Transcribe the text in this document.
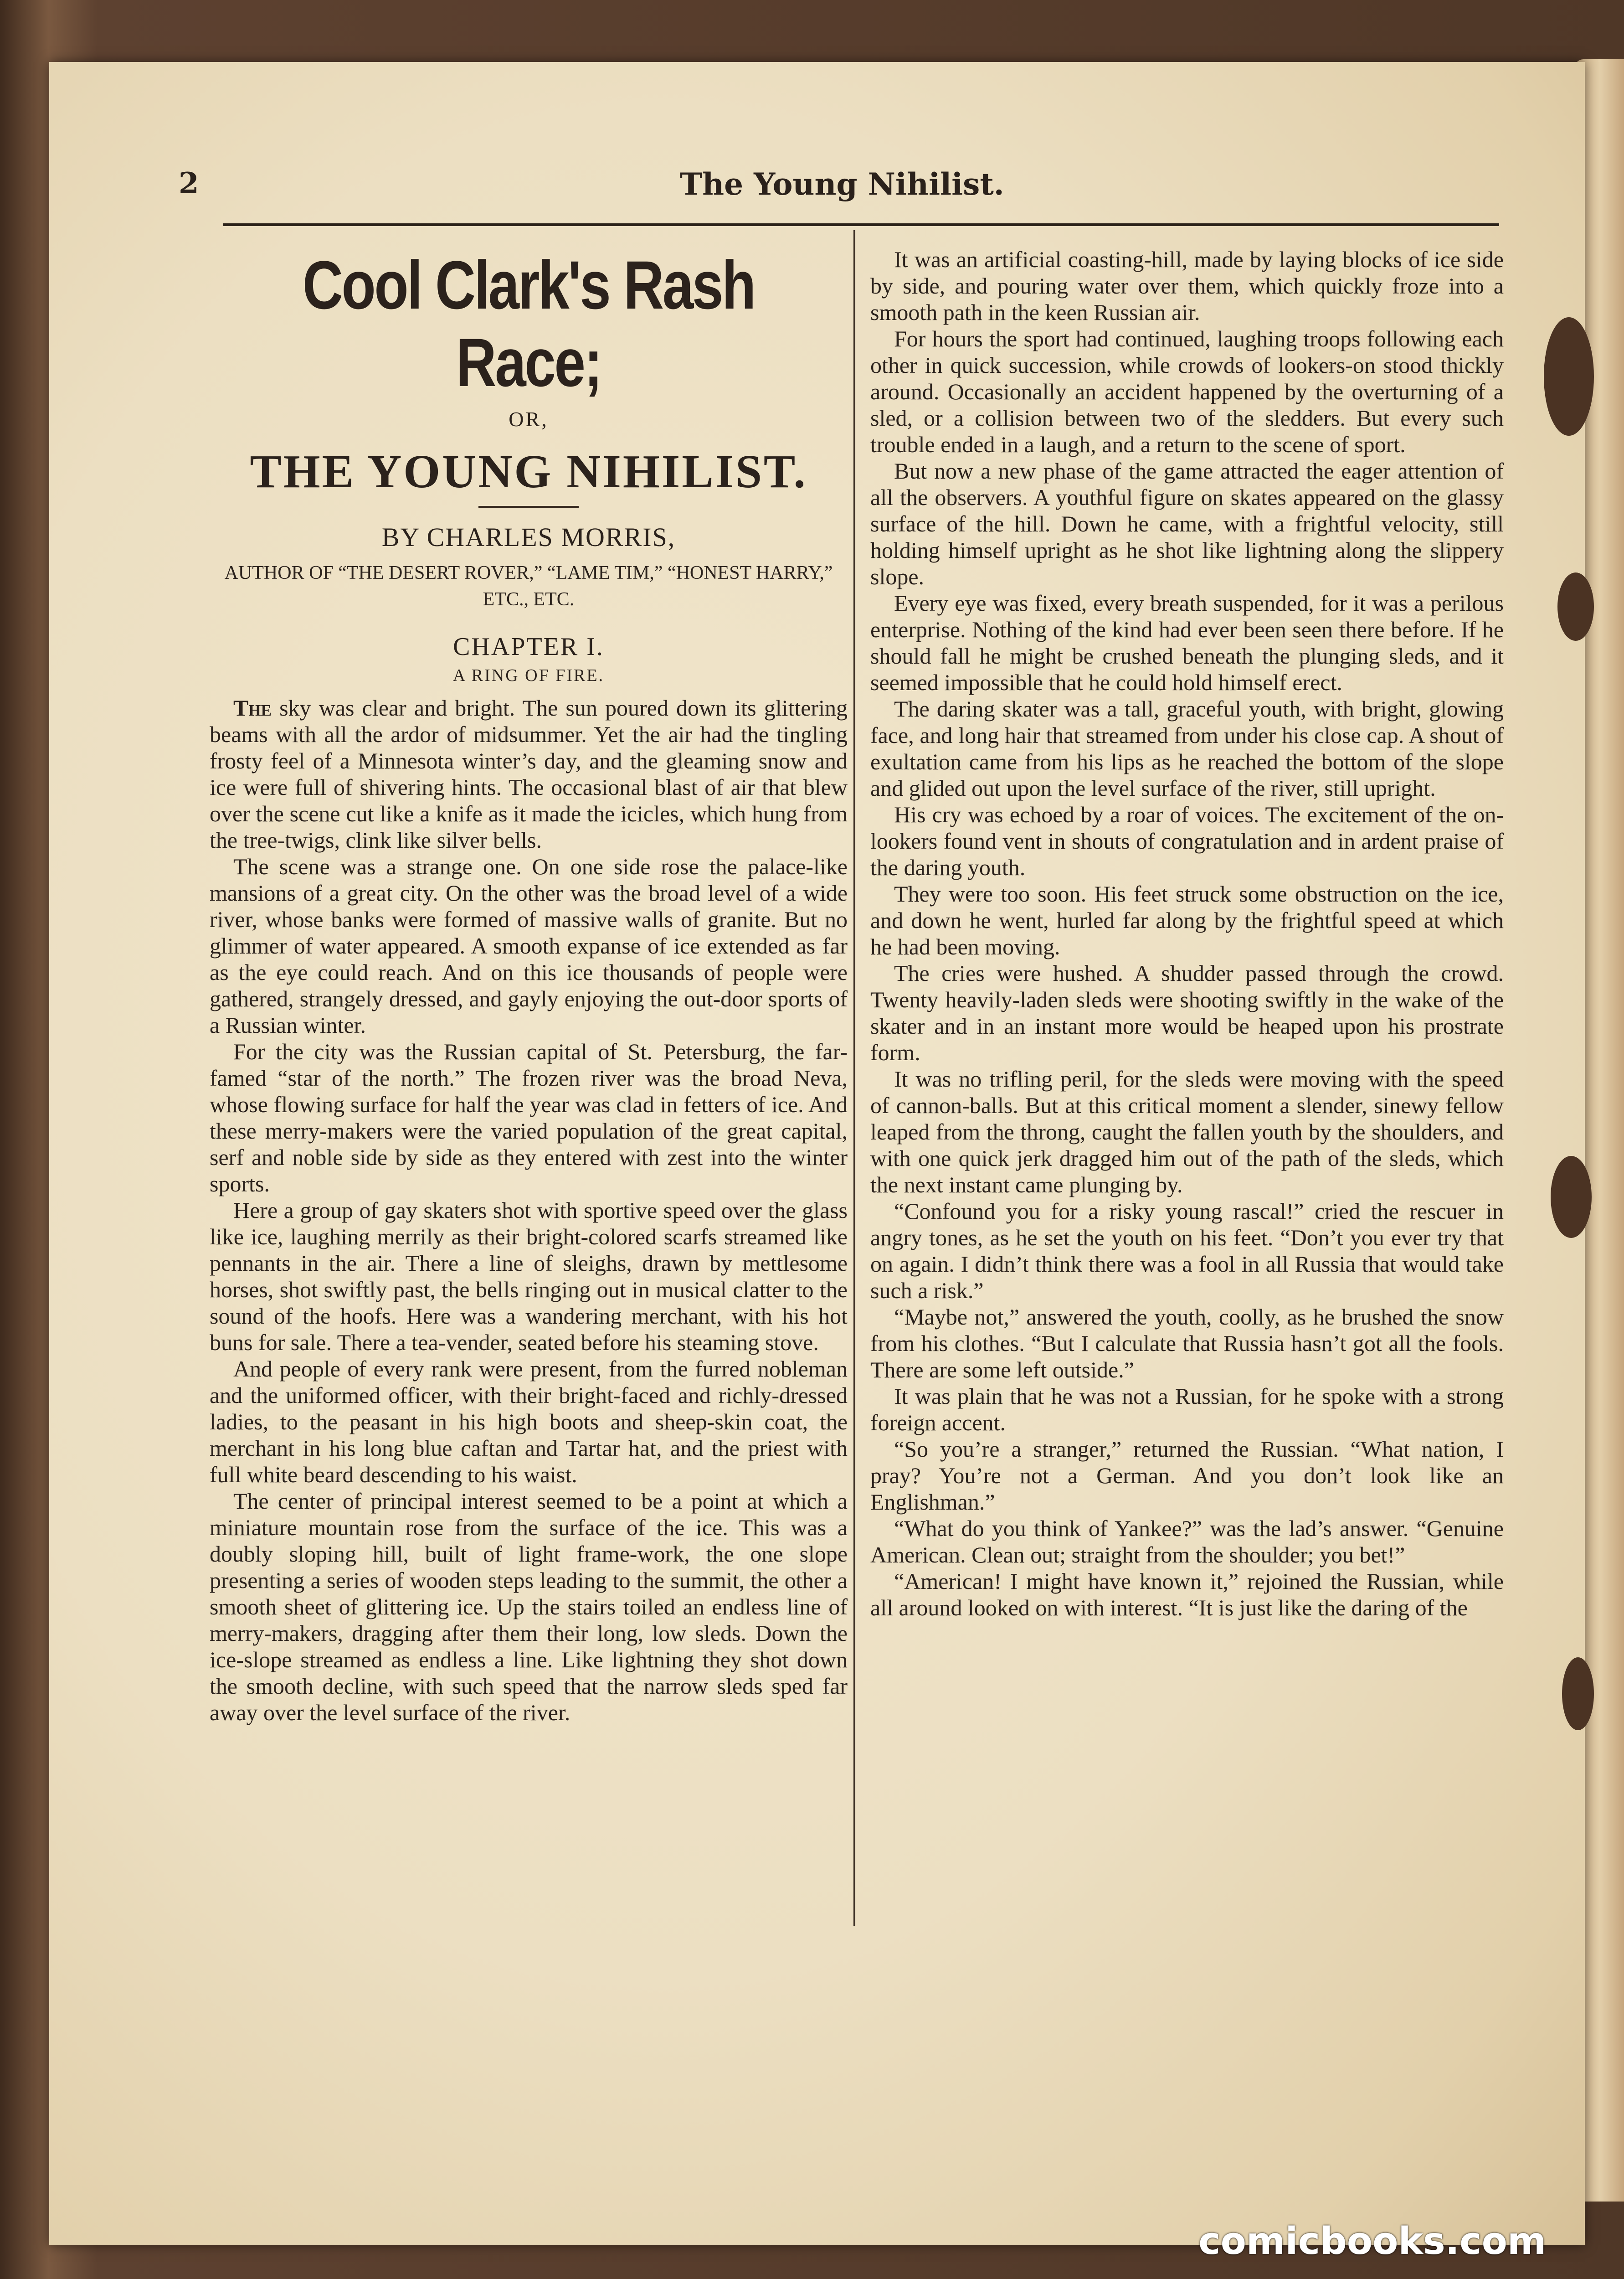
2	The Young Nihilist.
Cool Clark's Rash Race;
OR,
THE YOUNG NIHILIST.
BY CHARLES MORRIS,
AUTHOR OF “THE DESERT ROVER,” “LAME TIM,” “HONEST HARRY,” ETC., ETC.
CHAPTER I.
A RING OF FIRE.

The sky was clear and bright. The sun poured down its glittering beams with all the ardor of midsummer. Yet the air had the tingling frosty feel of a Minnesota winter’s day, and the gleaming snow and ice were full of shivering hints. The occasional blast of air that blew over the scene cut like a knife as it made the icicles, which hung from the tree-twigs, clink like silver bells.

The scene was a strange one. On one side rose the palace-like mansions of a great city. On the other was the broad level of a wide river, whose banks were formed of massive walls of granite. But no glimmer of water appeared. A smooth expanse of ice extended as far as the eye could reach. And on this ice thousands of people were gathered, strangely dressed, and gayly enjoying the out-door sports of a Russian winter.

For the city was the Russian capital of St. Petersburg, the far-famed “star of the north.” The frozen river was the broad Neva, whose flowing surface for half the year was clad in fetters of ice. And these merry-makers were the varied population of the great capital, serf and noble side by side as they entered with zest into the winter sports.

Here a group of gay skaters shot with sportive speed over the glass like ice, laughing merrily as their bright-colored scarfs streamed like pennants in the air. There a line of sleighs, drawn by mettlesome horses, shot swiftly past, the bells ringing out in musical clatter to the sound of the hoofs. Here was a wandering merchant, with his hot buns for sale. There a tea-vender, seated before his steaming stove.

And people of every rank were present, from the furred nobleman and the uniformed officer, with their bright-faced and richly-dressed ladies, to the peasant in his high boots and sheep-skin coat, the merchant in his long blue caftan and Tartar hat, and the priest with full white beard descending to his waist.

The center of principal interest seemed to be a point at which a miniature mountain rose from the surface of the ice. This was a doubly sloping hill, built of light frame-work, the one slope presenting a series of wooden steps leading to the summit, the other a smooth sheet of glittering ice. Up the stairs toiled an endless line of merry-makers, dragging after them their long, low sleds. Down the ice-slope streamed as endless a line. Like lightning they shot down the smooth decline, with such speed that the narrow sleds sped far away over the level surface of the river.

It was an artificial coasting-hill, made by laying blocks of ice side by side, and pouring water over them, which quickly froze into a smooth path in the keen Russian air.

For hours the sport had continued, laughing troops following each other in quick succession, while crowds of lookers-on stood thickly around. Occasionally an accident happened by the overturning of a sled, or a collision between two of the sledders. But every such trouble ended in a laugh, and a return to the scene of sport.

But now a new phase of the game attracted the eager attention of all the observers. A youthful figure on skates appeared on the glassy surface of the hill. Down he came, with a frightful velocity, still holding himself upright as he shot like lightning along the slippery slope.

Every eye was fixed, every breath suspended, for it was a perilous enterprise. Nothing of the kind had ever been seen there before. If he should fall he might be crushed beneath the plunging sleds, and it seemed impossible that he could hold himself erect.

The daring skater was a tall, graceful youth, with bright, glowing face, and long hair that streamed from under his close cap. A shout of exultation came from his lips as he reached the bottom of the slope and glided out upon the level surface of the river, still upright.

His cry was echoed by a roar of voices. The excitement of the on-lookers found vent in shouts of congratulation and in ardent praise of the daring youth.

They were too soon. His feet struck some obstruction on the ice, and down he went, hurled far along by the frightful speed at which he had been moving.

The cries were hushed. A shudder passed through the crowd. Twenty heavily-laden sleds were shooting swiftly in the wake of the skater and in an instant more would be heaped upon his prostrate form.

It was no trifling peril, for the sleds were moving with the speed of cannon-balls. But at this critical moment a slender, sinewy fellow leaped from the throng, caught the fallen youth by the shoulders, and with one quick jerk dragged him out of the path of the sleds, which the next instant came plunging by.

“Confound you for a risky young rascal!” cried the rescuer in angry tones, as he set the youth on his feet. “Don’t you ever try that on again. I didn’t think there was a fool in all Russia that would take such a risk.”

“Maybe not,” answered the youth, coolly, as he brushed the snow from his clothes. “But I calculate that Russia hasn’t got all the fools. There are some left outside.”

It was plain that he was not a Russian, for he spoke with a strong foreign accent.

“So you’re a stranger,” returned the Russian. “What nation, I pray? You’re not a German. And you don’t look like an Englishman.”

“What do you think of Yankee?” was the lad’s answer. “Genuine American. Clean out; straight from the shoulder; you bet!”

“American! I might have known it,” rejoined the Russian, while all around looked on with interest. “It is just like the daring of the

comicbooks.com
